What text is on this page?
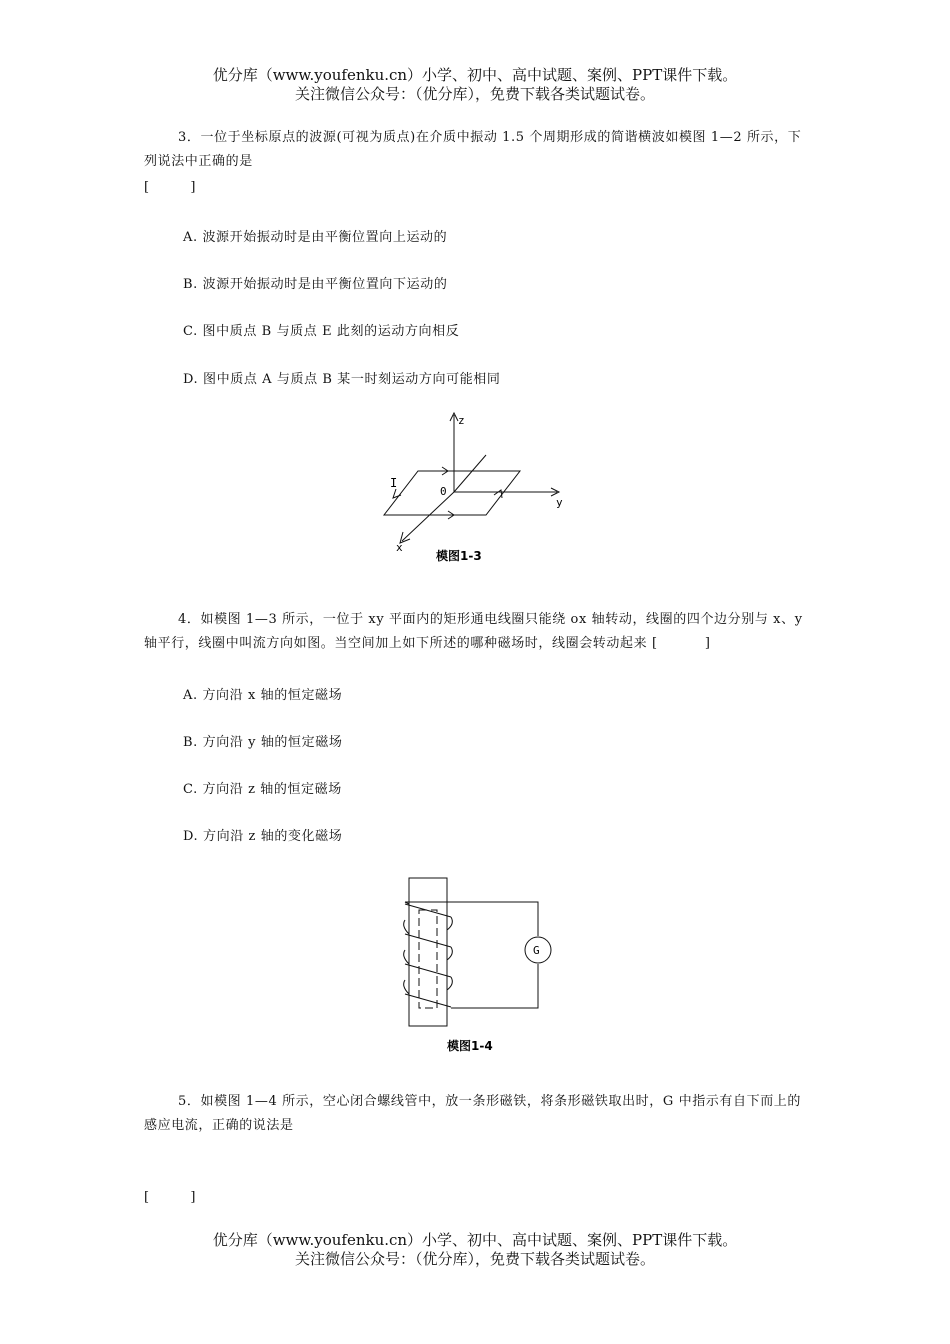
优分库（www.youfenku.cn）小学、初中、高中试题、案例、PPT课件下载。
关注微信公众号：（优分库），免费下载各类试题试卷。
3．一位于坐标原点的波源(可视为质点)在介质中振动 1.5 个周期形成的简谐横波如模图 1—2 所示，下列说法中正确的是
[          ]
A. 波源开始振动时是由平衡位置向上运动的
B. 波源开始振动时是由平衡位置向下运动的
C. 图中质点 B 与质点 E 此刻的运动方向相反
D. 图中质点 A 与质点 B 某一时刻运动方向可能相同
z
y
x
0
I
模图1-3
4．如模图 1—3 所示，一位于 xy 平面内的矩形通电线圈只能绕 ox 轴转动，线圈的四个边分别与 x、y 轴平行，线圈中叫流方向如图。当空间加上如下所述的哪种磁场时，线圈会转动起来 [          ]
A. 方向沿 x 轴的恒定磁场
B. 方向沿 y 轴的恒定磁场
C. 方向沿 z 轴的恒定磁场
D. 方向沿 z 轴的变化磁场
G
模图1-4
5．如模图 1—4 所示，空心闭合螺线管中，放一条形磁铁，将条形磁铁取出时，G 中指示有自下而上的感应电流，正确的说法是
[          ]
优分库（www.youfenku.cn）小学、初中、高中试题、案例、PPT课件下载。
关注微信公众号：（优分库），免费下载各类试题试卷。
